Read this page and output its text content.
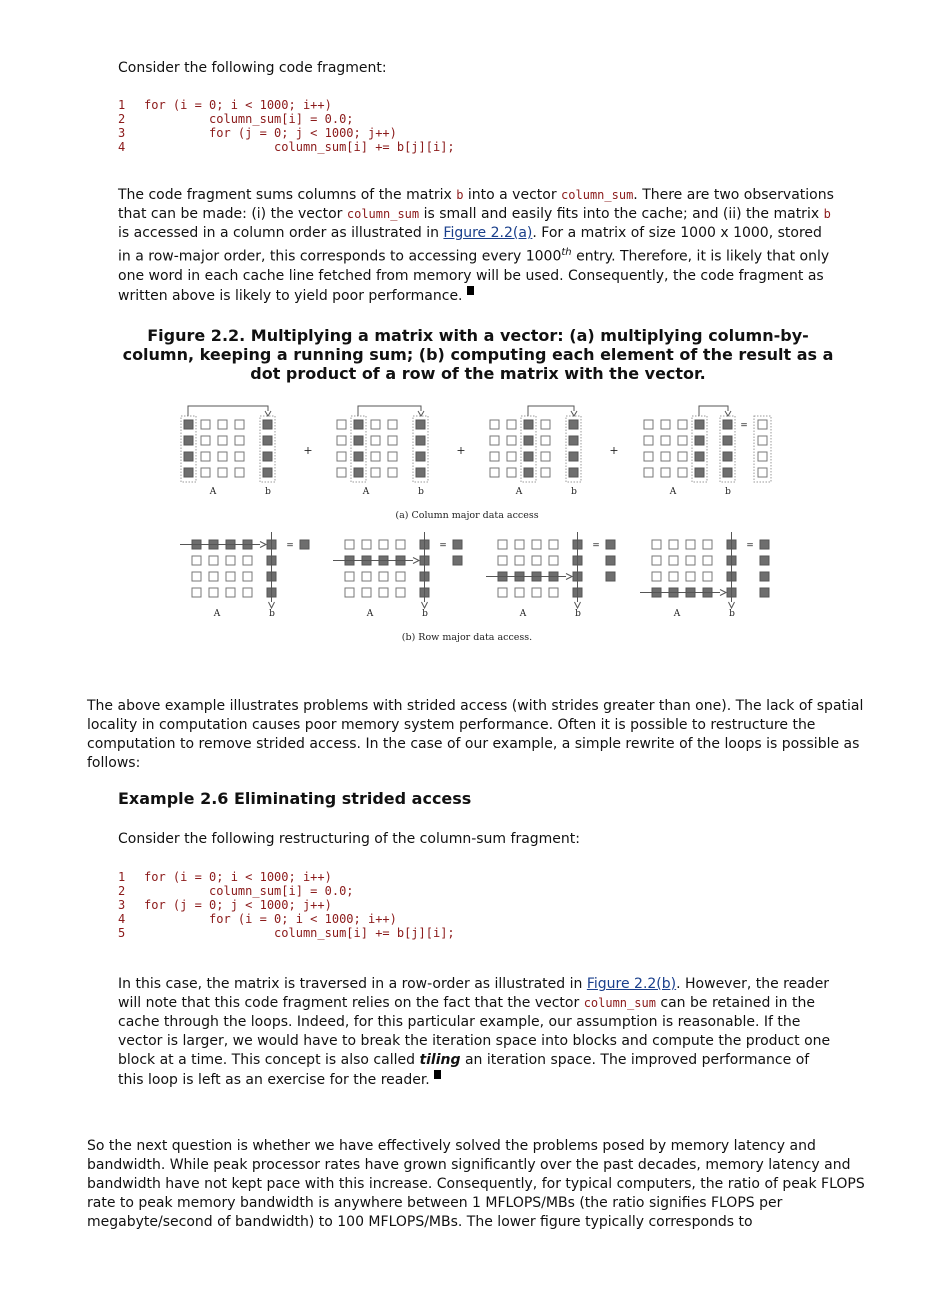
Consider the following code fragment:

1 for (i = 0; i < 1000; i++)
2         column_sum[i] = 0.0;
3         for (j = 0; j < 1000; j++)
4                  column_sum[i] += b[j][i];

The code fragment sums columns of the matrix b into a vector column_sum. There are two observations that can be made: (i) the vector column_sum is small and easily fits into the cache; and (ii) the matrix b is accessed in a column order as illustrated in Figure 2.2(a). For a matrix of size 1000 x 1000, stored in a row-major order, this corresponds to accessing every 1000th entry. Therefore, it is likely that only one word in each cache line fetched from memory will be used. Consequently, the code fragment as written above is likely to yield poor performance.

Figure 2.2. Multiplying a matrix with a vector: (a) multiplying column-by-column, keeping a running sum; (b) computing each element of the result as a dot product of a row of the matrix with the vector.
A	b
+
A	b
+
A	b
+
A	b
=
=
A	b
=
A	b
=
A	b
=
A	b
(a) Column major data access
(b) Row major data access.

The above example illustrates problems with strided access (with strides greater than one). The lack of spatial locality in computation causes poor memory system performance. Often it is possible to restructure the computation to remove strided access. In the case of our example, a simple rewrite of the loops is possible as follows:

Example 2.6 Eliminating strided access

Consider the following restructuring of the column-sum fragment:

1 for (i = 0; i < 1000; i++)
2         column_sum[i] = 0.0;
3 for (j = 0; j < 1000; j++)
4         for (i = 0; i < 1000; i++)
5                  column_sum[i] += b[j][i];

In this case, the matrix is traversed in a row-order as illustrated in Figure 2.2(b). However, the reader will note that this code fragment relies on the fact that the vector column_sum can be retained in the cache through the loops. Indeed, for this particular example, our assumption is reasonable. If the vector is larger, we would have to break the iteration space into blocks and compute the product one block at a time. This concept is also called tiling an iteration space. The improved performance of this loop is left as an exercise for the reader.

So the next question is whether we have effectively solved the problems posed by memory latency and bandwidth. While peak processor rates have grown significantly over the past decades, memory latency and bandwidth have not kept pace with this increase. Consequently, for typical computers, the ratio of peak FLOPS rate to peak memory bandwidth is anywhere between 1 MFLOPS/MBs (the ratio signifies FLOPS per megabyte/second of bandwidth) to 100 MFLOPS/MBs. The lower figure typically corresponds to
